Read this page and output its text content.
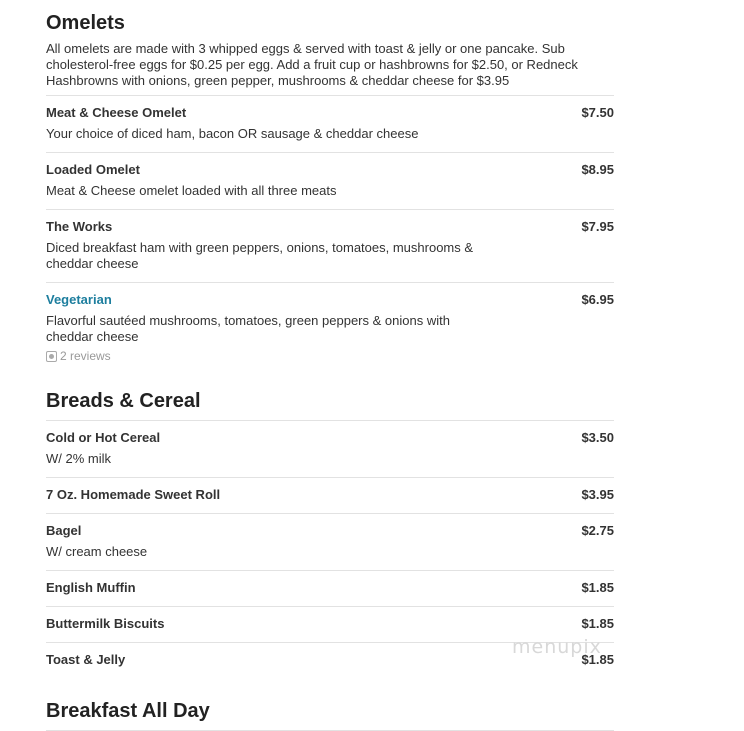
Omelets
All omelets are made with 3 whipped eggs & served with toast & jelly or one pancake. Sub cholesterol-free eggs for $0.25 per egg. Add a fruit cup or hashbrowns for $2.50, or Redneck Hashbrowns with onions, green pepper, mushrooms & cheddar cheese for $3.95
Meat & Cheese Omelet	$7.50
Your choice of diced ham, bacon OR sausage & cheddar cheese
Loaded Omelet	$8.95
Meat & Cheese omelet loaded with all three meats
The Works	$7.95
Diced breakfast ham with green peppers, onions, tomatoes, mushrooms & cheddar cheese
Vegetarian	$6.95
Flavorful sautéed mushrooms, tomatoes, green peppers & onions with cheddar cheese
2 reviews
Breads & Cereal
Cold or Hot Cereal	$3.50
W/ 2% milk
7 Oz. Homemade Sweet Roll	$3.95
Bagel	$2.75
W/ cream cheese
English Muffin	$1.85
Buttermilk Biscuits	$1.85
Toast & Jelly	$1.85
Breakfast All Day
menupix
